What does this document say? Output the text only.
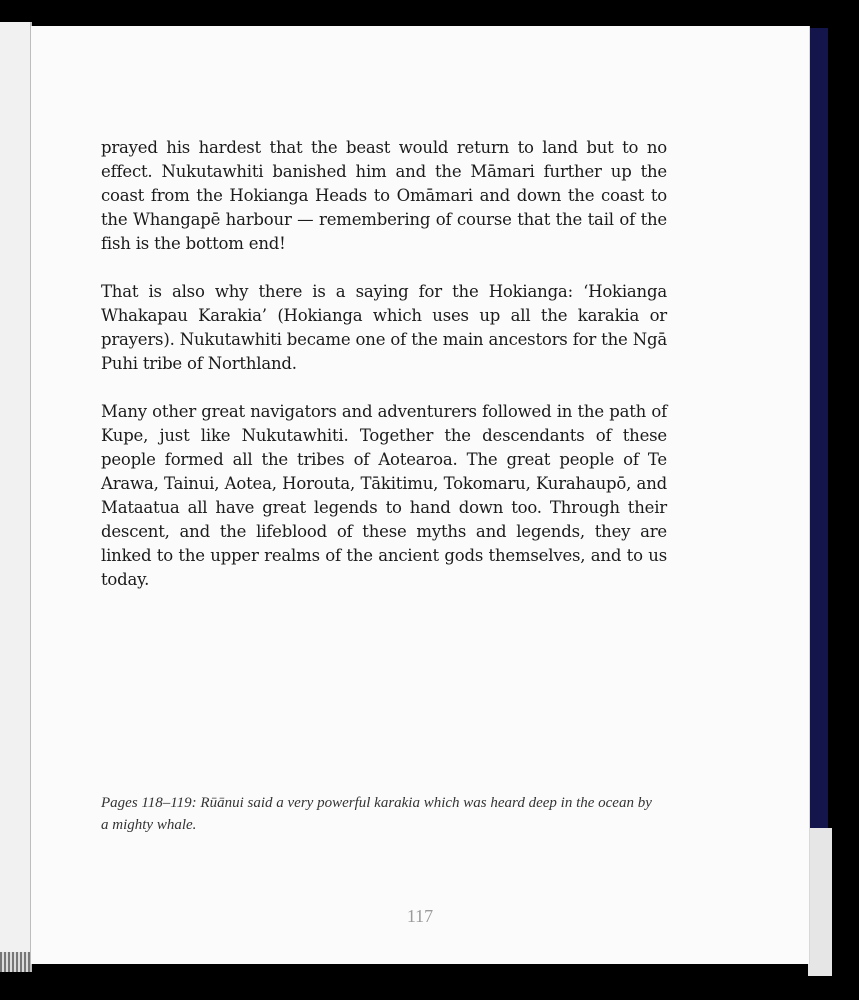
prayed his hardest that the beast would return to land but to no effect. Nukutawhiti banished him and the Māmari further up the coast from the Hokianga Heads to Omāmari and down the coast to the Whangapē harbour — remembering of course that the tail of the fish is the bottom end!

That is also why there is a saying for the Hokianga: ‘Hokianga Whakapau Karakia’ (Hokianga which uses up all the karakia or prayers). Nukutawhiti became one of the main ancestors for the Ngā Puhi tribe of Northland.

Many other great navigators and adventurers followed in the path of Kupe, just like Nukutawhiti. Together the descendants of these people formed all the tribes of Aotearoa. The great people of Te Arawa, Tainui, Aotea, Horouta, Tākitimu, Tokomaru, Kurahaupō, and Mataatua all have great legends to hand down too. Through their descent, and the lifeblood of these myths and legends, they are linked to the upper realms of the ancient gods themselves, and to us today.

Pages 118–119: Rūānui said a very powerful karakia which was heard deep in the ocean by a mighty whale.
117
